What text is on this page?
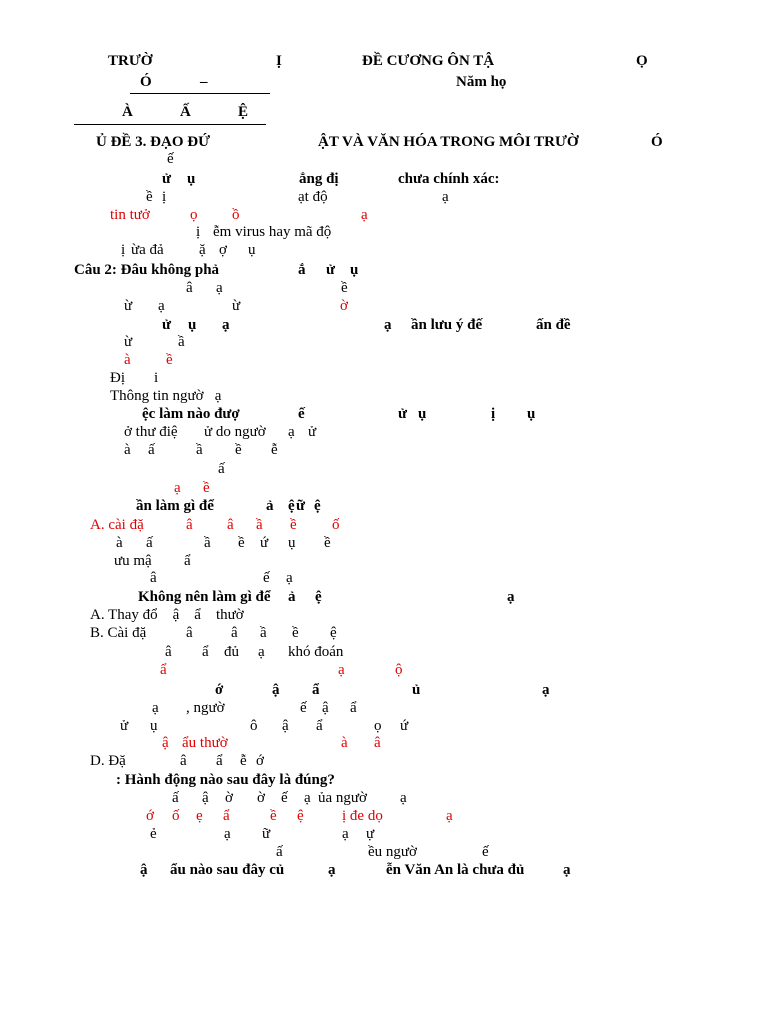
TRƯỜ	Ị	ĐỀ CƯƠNG ÔN TẬ	Ọ
Ó	–	Năm họ
À	Ấ	Ệ
Ủ ĐỀ 3. ĐẠO ĐỨ	ẬT VÀ VĂN HÓA TRONG MÔI TRƯỜ	Ó
ế
ử ụ	ẳng đị	chưa chính xác:
ề ị	ạt độ	ạ
tin tưở	ọ ồ	ạ
ị ễm virus hay mã độ
ị ừa đả ặ ợ ụ
Câu 2: Đâu không phả	ắ ử ụ
â ạ	ề
ừ ạ	ừ	ờ
ử ụ ạ	ạ ần lưu ý đế	ấn đề
ừ	ầ
à ề
Đị i
Thông tin ngườ   ạ
ệc làm nào đượ	ế	ử ụ	ị ụ
ở thư điệ ử do ngườ ạ ử
à ấ	ầ ề ễ
ấ
ạ ề
ần làm gì để	ả ệ ữ ệ
A. cài đặ	â â ầ ề ố
à ấ	ầ ề ứ ụ ề
ưu mậ ẩ
â	ế ạ
Không nên làm gì để ả ệ	ạ
A. Thay đổ    ậ    ẩ    thườ
B. Cài đặ	â	â ầ ề ệ
â ẩ đủ ạ khó đoán
ẩ	ạ	ộ
ớ	ậ ẩ	ủ	ạ
ạ , ngườ	ế ậ ẩ
ử ụ	ô ậ ẩ	ọ ứ
ậ ẩu thườ	à â
D. Đặ	â ẩ ễ ớ
: Hành động nào sau đây là đúng?
ấ ậ ờ ờ ế ạ ủa ngườ ạ
ớ ố ẹ ẩ	ề ệ	ị đe dọ	ạ
ẻ	ạ ữ	ạ ự
ấ	ều ngườ	ế
ậ ẩu nào sau đây củ	ạ	ễn Văn An là chưa đủ	ạ
